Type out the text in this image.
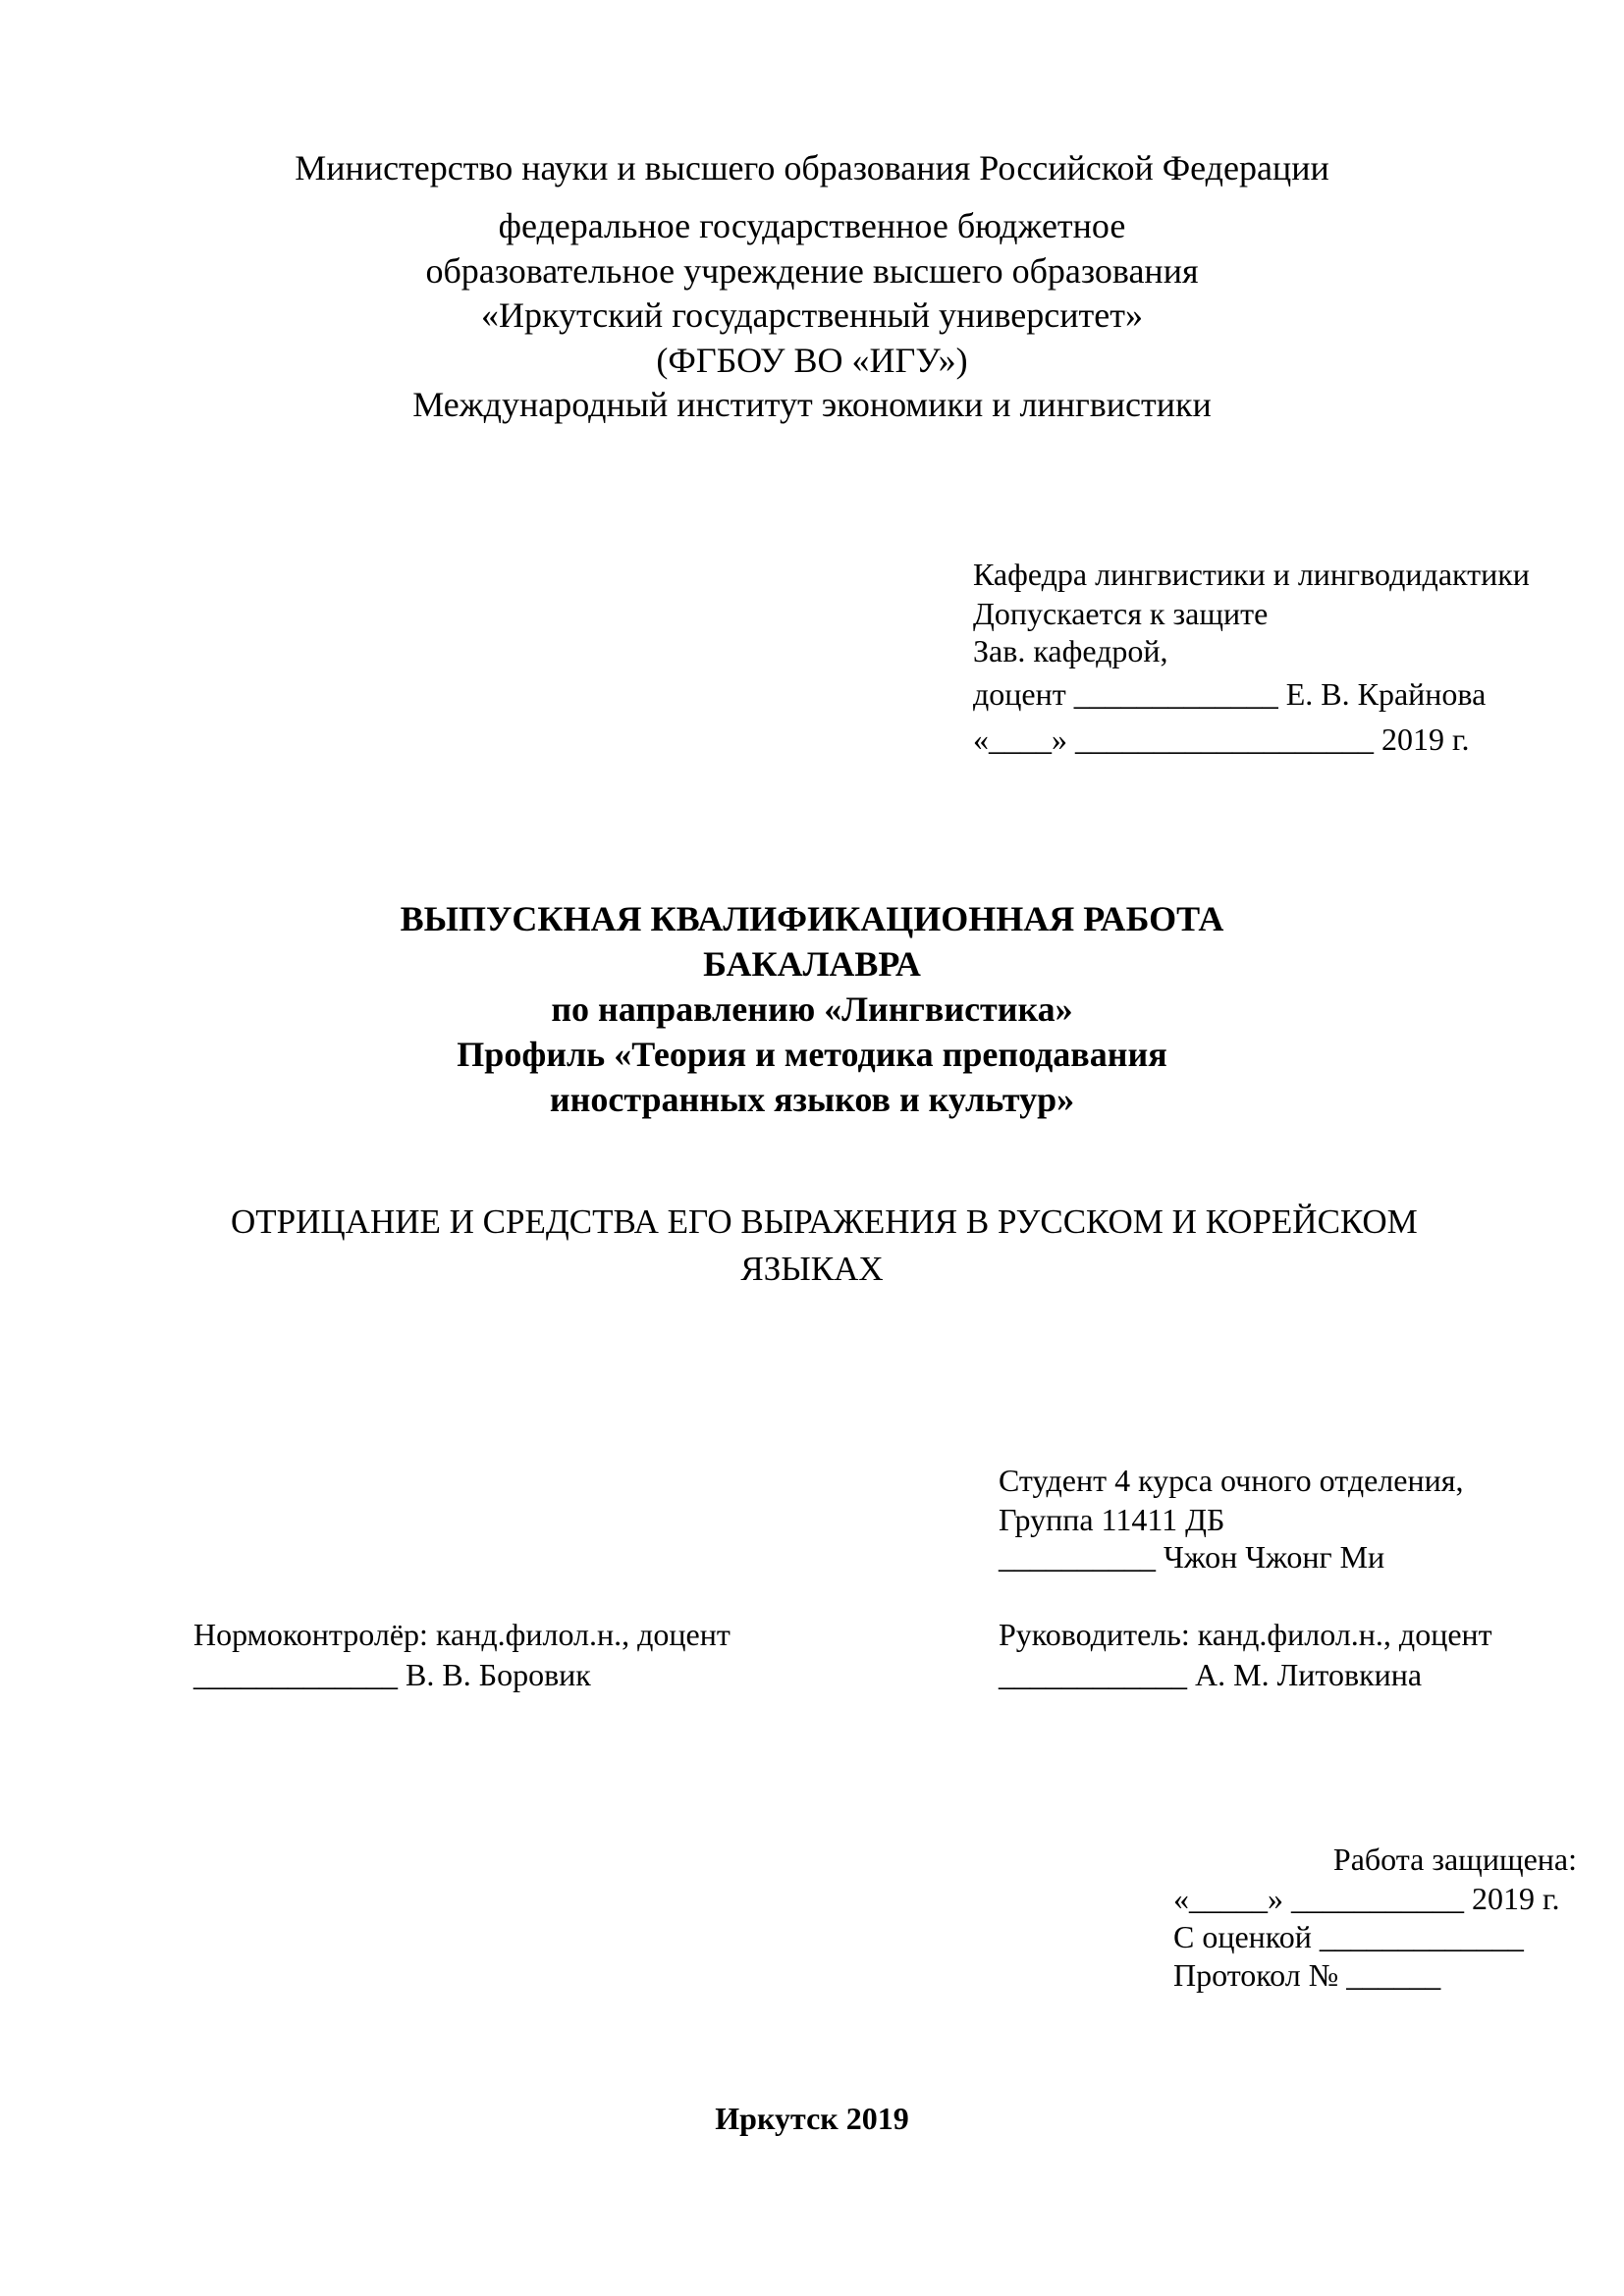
Министерство науки и высшего образования Российской Федерации
федеральное государственное бюджетное
образовательное учреждение высшего образования
«Иркутский государственный университет»
(ФГБОУ ВО «ИГУ»)
Международный институт экономики и лингвистики
Кафедра лингвистики и лингводидактики
Допускается к защите
Зав. кафедрой,
доцент _____________ Е. В. Крайнова
«____» ___________________ 2019 г.
ВЫПУСКНАЯ КВАЛИФИКАЦИОННАЯ РАБОТА
БАКАЛАВРА
по направлению «Лингвистика»
Профиль «Теория и методика преподавания
иностранных языков и культур»
ОТРИЦАНИЕ И СРЕДСТВА ЕГО ВЫРАЖЕНИЯ В РУССКОМ И КОРЕЙСКОМ
ЯЗЫКАХ
Студент 4 курса очного отделения,
Группа 11411 ДБ
__________ Чжон Чжонг Ми
Нормоконтролёр: канд.филол.н., доцент
_____________ В. В. Боровик
Руководитель: канд.филол.н., доцент
____________ А. М. Литовкина
Работа защищена:
«_____» ___________ 2019 г.
С оценкой _____________
Протокол № ______
Иркутск 2019
